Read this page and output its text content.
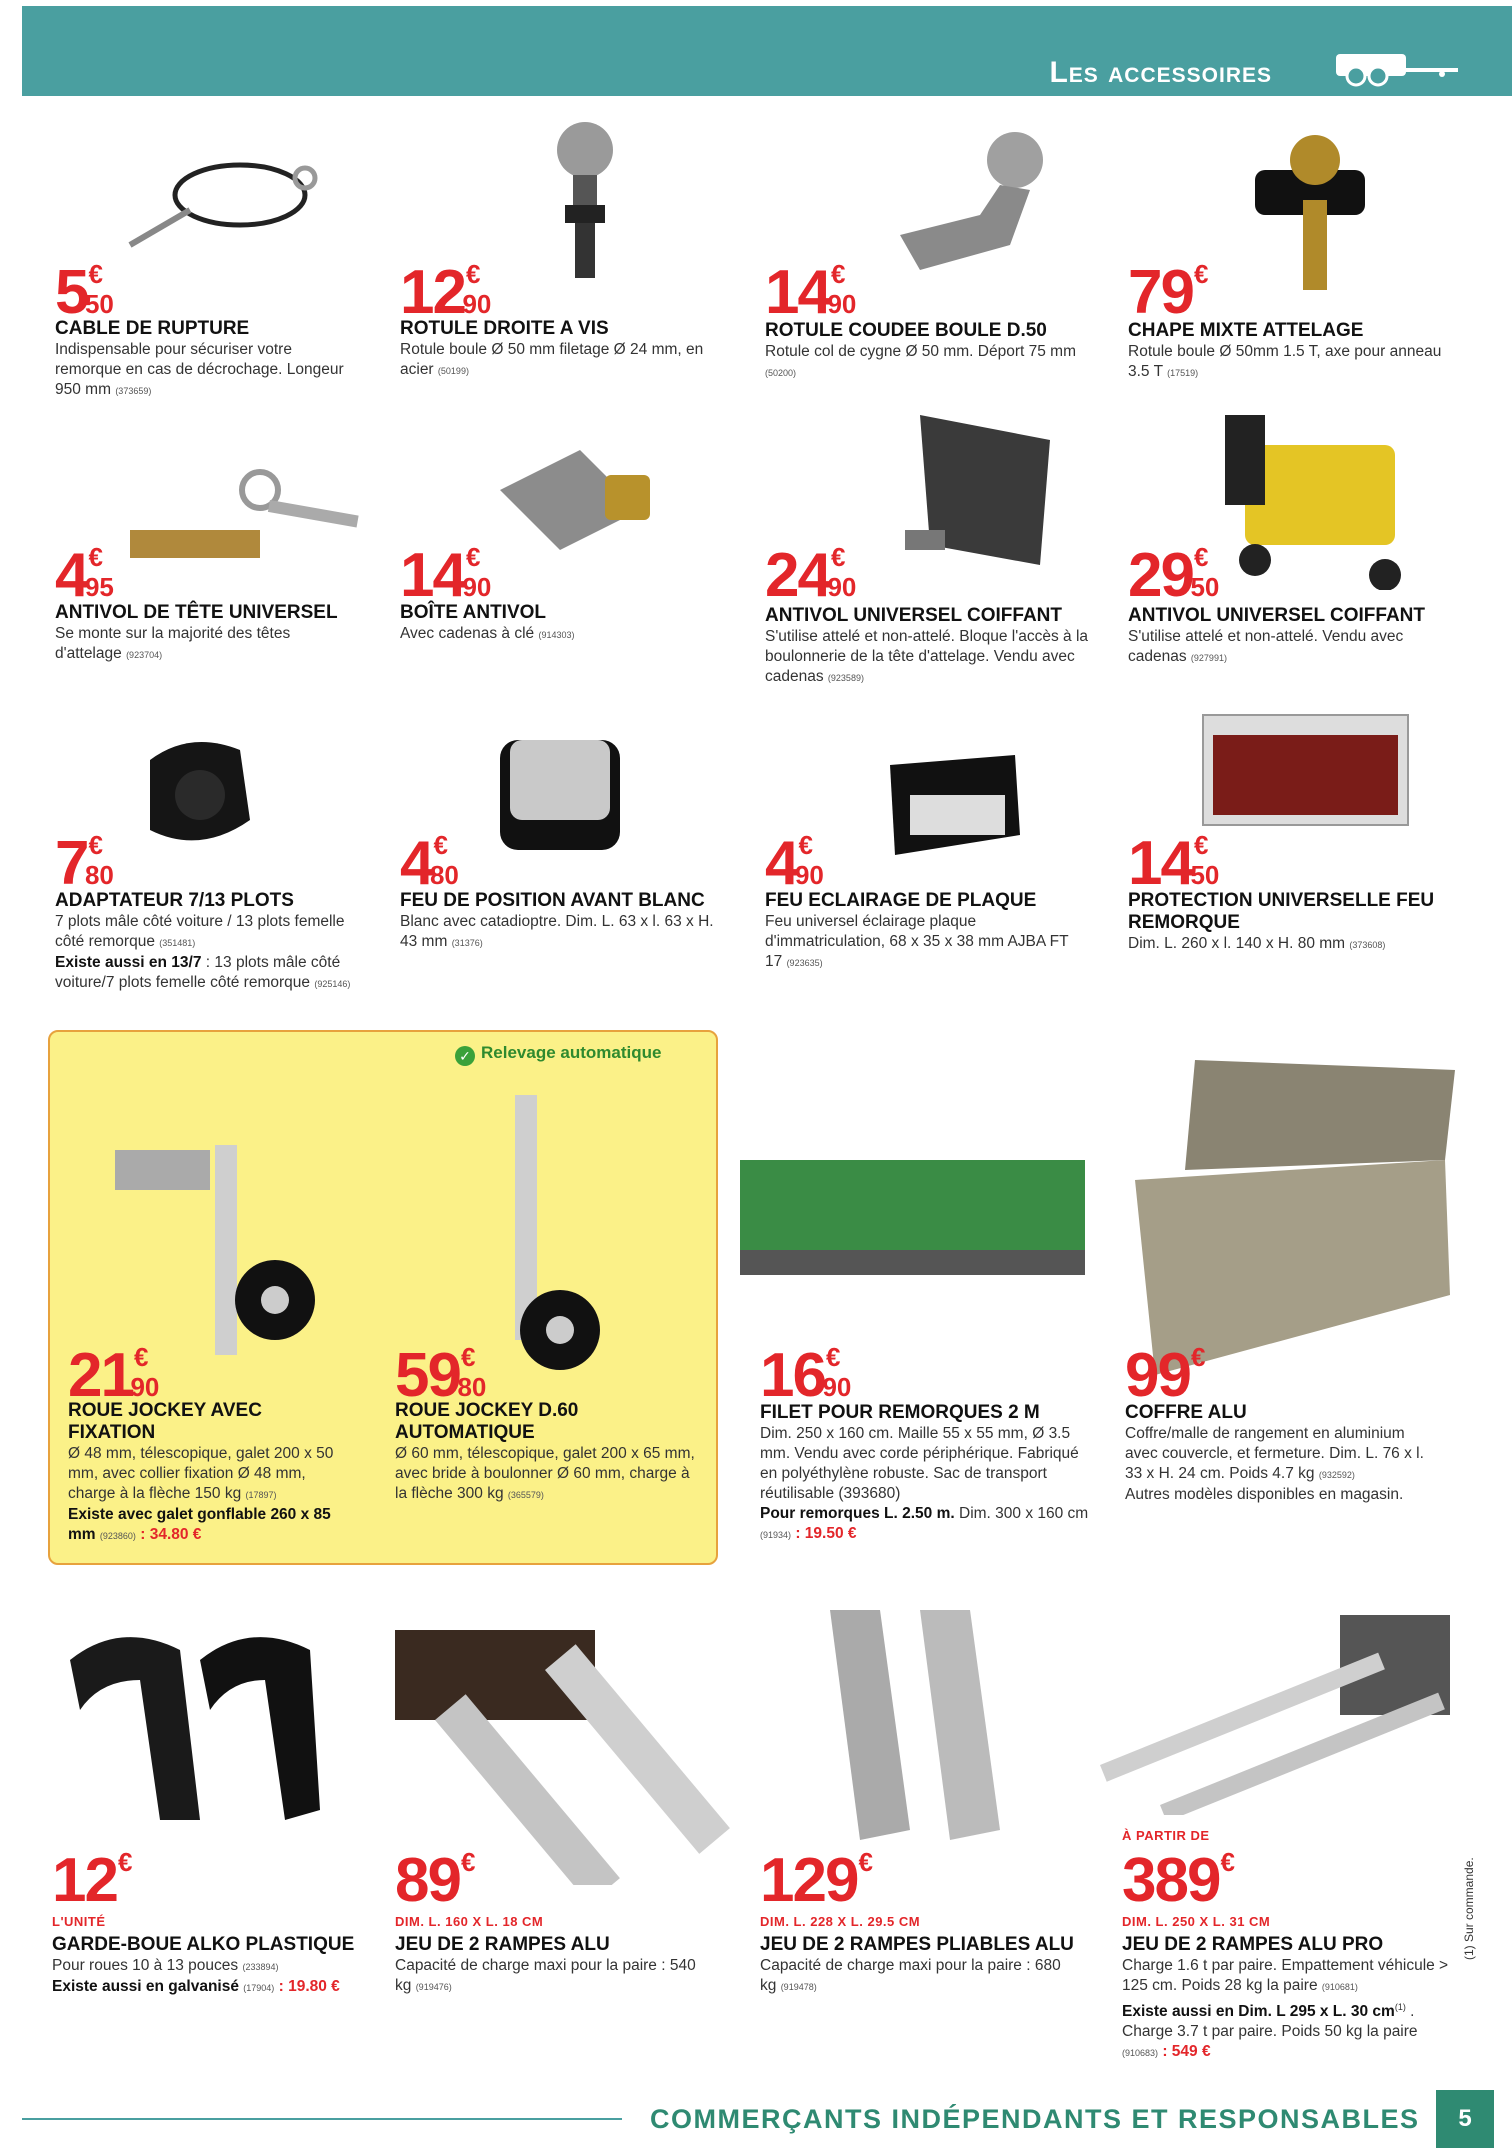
Les accessoires
✓ Relevage automatique
5€50
CABLE DE RUPTURE
Indispensable pour sécuriser votre remorque en cas de décrochage. Longeur 950 mm (373659)
12€90
ROTULE DROITE A VIS
Rotule boule Ø 50 mm filetage Ø 24 mm, en acier (50199)
14€90
ROTULE COUDEE BOULE D.50
Rotule col de cygne Ø 50 mm. Déport 75 mm (50200)
79€
CHAPE MIXTE ATTELAGE
Rotule boule Ø 50mm 1.5 T, axe pour anneau 3.5 T (17519)
4€95
ANTIVOL DE TÊTE UNIVERSEL
Se monte sur la majorité des têtes d'attelage (923704)
14€90
BOÎTE ANTIVOL
Avec cadenas à clé (914303)
24€90
ANTIVOL UNIVERSEL COIFFANT
S'utilise attelé et non-attelé. Bloque l'accès à la boulonnerie de la tête d'attelage. Vendu avec cadenas (923589)
29€50
ANTIVOL UNIVERSEL COIFFANT
S'utilise attelé et non-attelé. Vendu avec cadenas (927991)
7€80
ADAPTATEUR 7/13 PLOTS
7 plots mâle côté voiture / 13 plots femelle côté remorque (351481)
Existe aussi en 13/7 : 13 plots mâle côté voiture/7 plots femelle côté remorque (925146)
4€80
FEU DE POSITION AVANT BLANC
Blanc avec catadioptre. Dim. L. 63 x l. 63 x H. 43 mm (31376)
4€90
FEU ECLAIRAGE DE PLAQUE
Feu universel éclairage plaque d'immatriculation, 68 x 35 x 38 mm AJBA FT 17 (923635)
14€50
PROTECTION UNIVERSELLE FEU REMORQUE
Dim. L. 260 x l. 140 x H. 80 mm (373608)
21€90
ROUE JOCKEY AVEC FIXATION
Ø 48 mm, télescopique, galet 200 x 50 mm, avec collier fixation Ø 48 mm, charge à la flèche 150 kg (17897)
Existe avec galet gonflable 260 x 85 mm (923860) : 34.80 €
59€80
ROUE JOCKEY D.60 AUTOMATIQUE
Ø 60 mm, télescopique, galet 200 x 65 mm, avec bride à boulonner Ø 60 mm, charge à la flèche 300 kg (365579)
16€90
FILET POUR REMORQUES 2 M
Dim. 250 x 160 cm. Maille 55 x 55 mm, Ø 3.5 mm. Vendu avec corde périphérique. Fabriqué en polyéthylène robuste. Sac de transport réutilisable (393680)
Pour remorques L. 2.50 m. Dim. 300 x 160 cm (91934) : 19.50 €
99€
COFFRE ALU
Coffre/malle de rangement en aluminium avec couvercle, et fermeture. Dim. L. 76 x l. 33 x H. 24 cm. Poids 4.7 kg (932592)
Autres modèles disponibles en magasin.
12€
L'UNITÉ
GARDE-BOUE ALKO PLASTIQUE
Pour roues 10 à 13 pouces (233894)
Existe aussi en galvanisé (17904) : 19.80 €
89€
DIM. L. 160 X L. 18 CM
JEU DE 2 RAMPES ALU
Capacité de charge maxi pour la paire : 540 kg (919476)
129€
DIM. L. 228 X L. 29.5 CM
JEU DE 2 RAMPES PLIABLES ALU
Capacité de charge maxi pour la paire : 680 kg (919478)
À PARTIR DE
389€
DIM. L. 250 X L. 31 CM
JEU DE 2 RAMPES ALU PRO
Charge 1.6 t par paire. Empattement véhicule > 125 cm. Poids 28 kg la paire (910681)
Existe aussi en Dim. L 295 x L. 30 $cm^{(1)}$ . Charge 3.7 t par paire. Poids 50 kg la paire (910683) : 549 €
(1) Sur commande.
COMMERÇANTS INDÉPENDANTS ET RESPONSABLES	5
